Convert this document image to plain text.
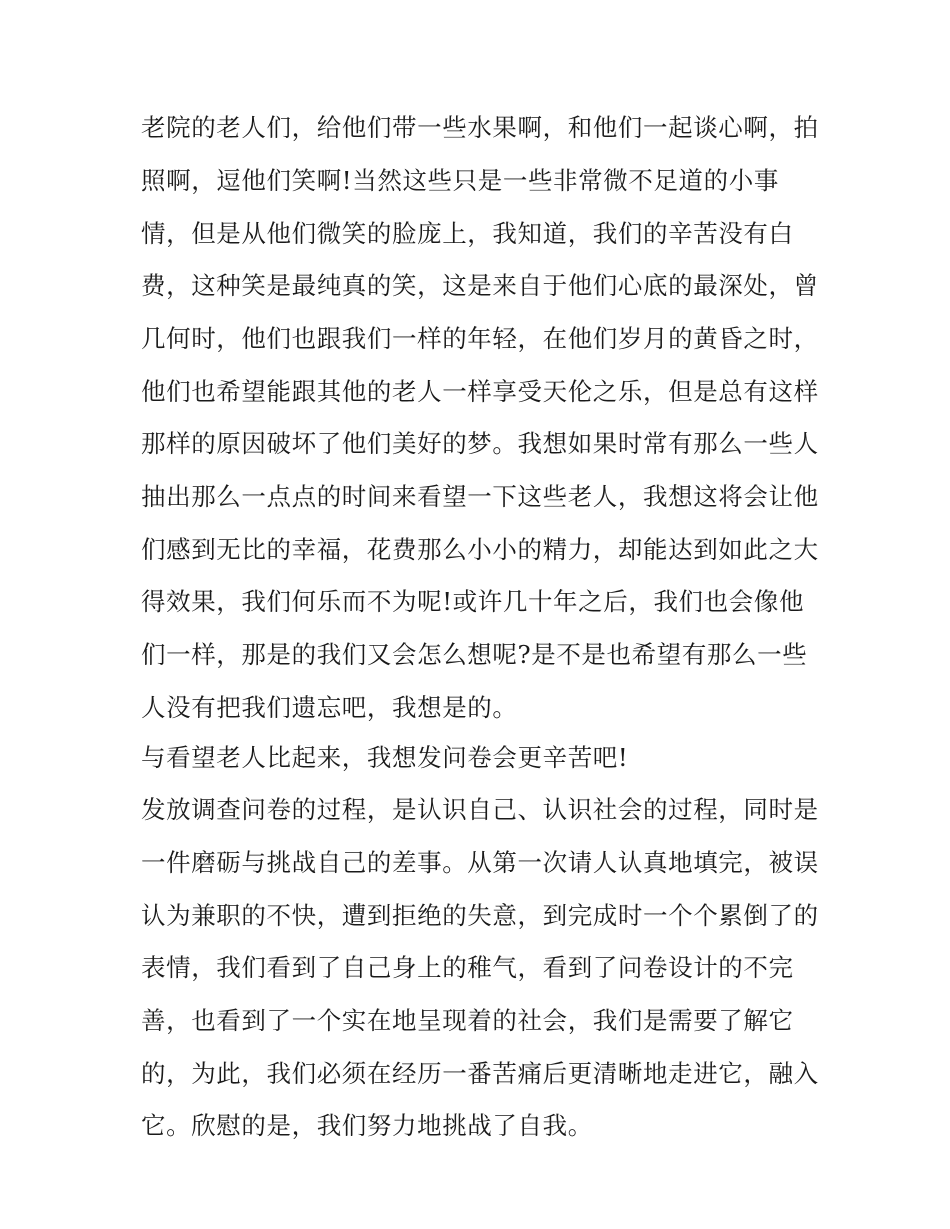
老院的老人们，给他们带一些水果啊，和他们一起谈心啊，拍
照啊，逗他们笑啊!当然这些只是一些非常微不足道的小事
情，但是从他们微笑的脸庞上，我知道，我们的辛苦没有白
费，这种笑是最纯真的笑，这是来自于他们心底的最深处，曾
几何时，他们也跟我们一样的年轻，在他们岁月的黄昏之时，
他们也希望能跟其他的老人一样享受天伦之乐，但是总有这样
那样的原因破坏了他们美好的梦。我想如果时常有那么一些人
抽出那么一点点的时间来看望一下这些老人，我想这将会让他
们感到无比的幸福，花费那么小小的精力，却能达到如此之大
得效果，我们何乐而不为呢!或许几十年之后，我们也会像他
们一样，那是的我们又会怎么想呢?是不是也希望有那么一些
人没有把我们遗忘吧，我想是的。
与看望老人比起来，我想发问卷会更辛苦吧!
发放调查问卷的过程，是认识自己、认识社会的过程，同时是
一件磨砺与挑战自己的差事。从第一次请人认真地填完，被误
认为兼职的不快，遭到拒绝的失意，到完成时一个个累倒了的
表情，我们看到了自己身上的稚气，看到了问卷设计的不完
善，也看到了一个实在地呈现着的社会，我们是需要了解它
的，为此，我们必须在经历一番苦痛后更清晰地走进它，融入
它。欣慰的是，我们努力地挑战了自我。
